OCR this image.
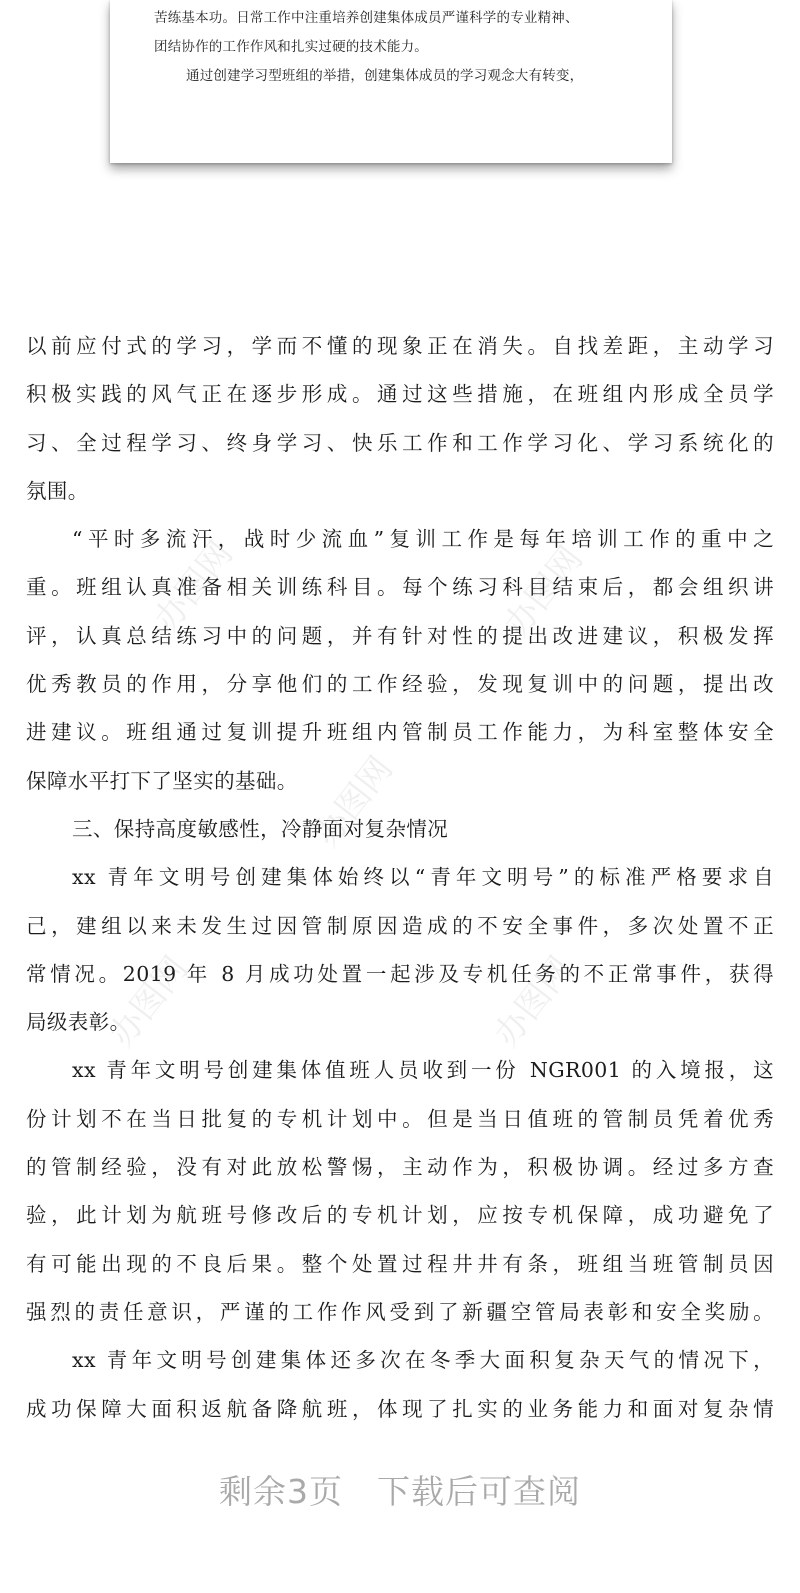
苦练基本功。日常工作中注重培养创建集体成员严谨科学的专业精神、
团结协作的工作作风和扎实过硬的技术能力。
通过创建学习型班组的举措，创建集体成员的学习观念大有转变，
办图网	办图网
办图网
办图网	办图网
以前应付式的学习，学而不懂的现象正在消失。自找差距，主动学习
积极实践的风气正在逐步形成。通过这些措施，在班组内形成全员学
习、全过程学习、终身学习、快乐工作和工作学习化、学习系统化的
氛围。
“平时多流汗，战时少流血”复训工作是每年培训工作的重中之
重。班组认真准备相关训练科目。每个练习科目结束后，都会组织讲
评，认真总结练习中的问题，并有针对性的提出改进建议，积极发挥
优秀教员的作用，分享他们的工作经验，发现复训中的问题，提出改
进建议。班组通过复训提升班组内管制员工作能力，为科室整体安全
保障水平打下了坚实的基础。
三、保持高度敏感性，冷静面对复杂情况
xx 青年文明号创建集体始终以“青年文明号”的标准严格要求自
己，建组以来未发生过因管制原因造成的不安全事件，多次处置不正
常情况。2019 年 8 月成功处置一起涉及专机任务的不正常事件，获得
局级表彰。
xx 青年文明号创建集体值班人员收到一份 NGR001 的入境报，这
份计划不在当日批复的专机计划中。但是当日值班的管制员凭着优秀
的管制经验，没有对此放松警惕，主动作为，积极协调。经过多方查
验，此计划为航班号修改后的专机计划，应按专机保障，成功避免了
有可能出现的不良后果。整个处置过程井井有条，班组当班管制员因
强烈的责任意识，严谨的工作作风受到了新疆空管局表彰和安全奖励。
xx 青年文明号创建集体还多次在冬季大面积复杂天气的情况下，
成功保障大面积返航备降航班，体现了扎实的业务能力和面对复杂情
剩余3页　下载后可查阅
